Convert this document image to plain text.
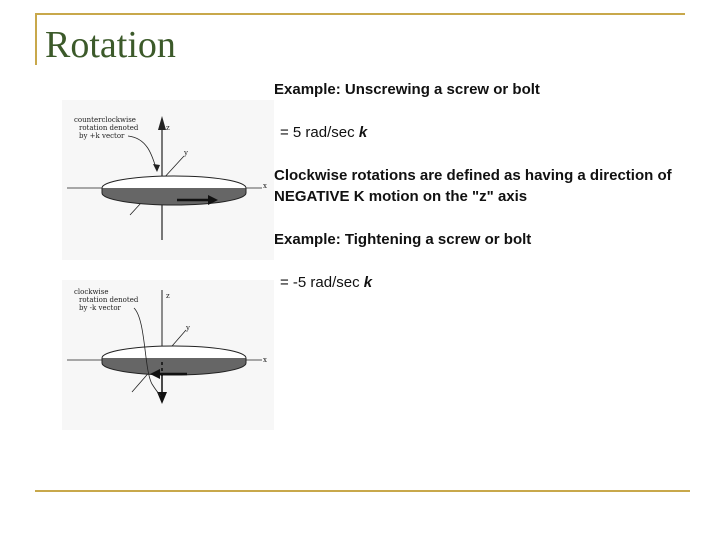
Rotation
counterclockwise
rotation denoted
by +k vector
z
y
x
clockwise
rotation denoted
by -k vector
z
y
x

Example: Unscrewing a screw or bolt

= 5 rad/sec k

Clockwise rotations are defined as having a direction of NEGATIVE K motion on the "z" axis

Example: Tightening a screw or bolt

= -5 rad/sec k
